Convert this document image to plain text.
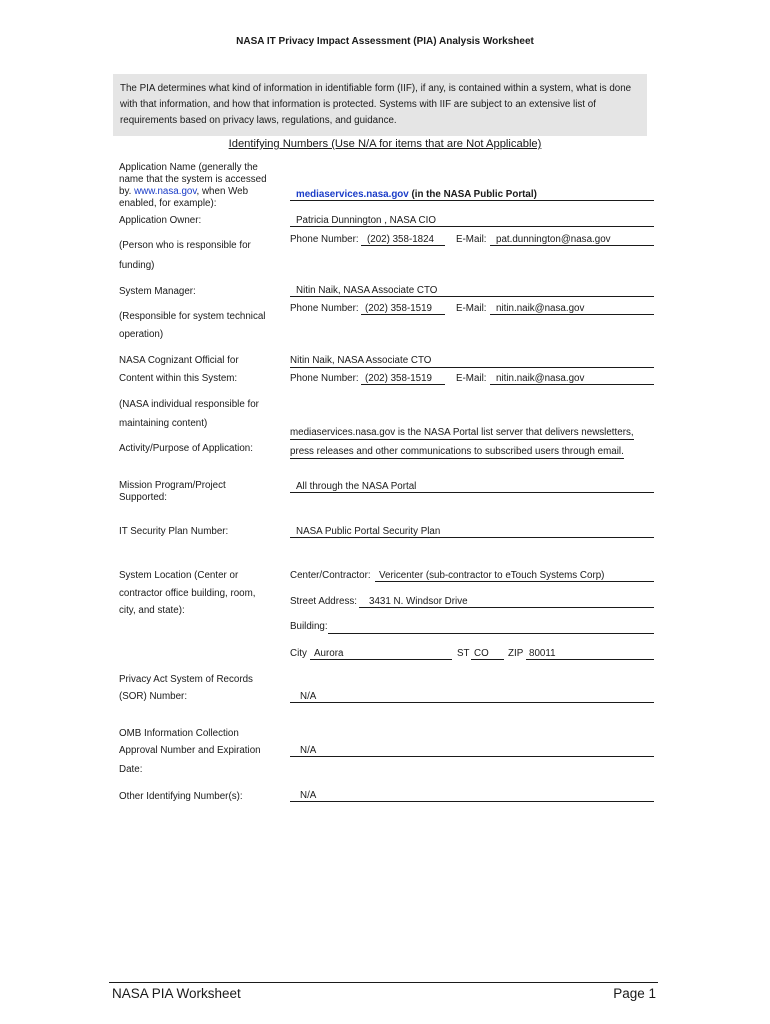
NASA IT Privacy Impact Assessment (PIA) Analysis Worksheet
The PIA determines what kind of information in identifiable form (IIF), if any, is contained within a system, what is done
with that information, and how that information is protected. Systems with IIF are subject to an extensive list of
requirements based on privacy laws, regulations, and guidance.
Identifying Numbers (Use N/A for items that are Not Applicable)
Application Name (generally the
name that the system is accessed
by. www.nasa.gov, when Web
enabled, for example):
mediaservices.nasa.gov (in the NASA Public Portal)
Application Owner:	Patricia Dunnington , NASA CIO
Phone Number: (202) 358-1824	E-Mail: pat.dunnington@nasa.gov
(Person who is responsible for
funding)
System Manager:	Nitin Naik, NASA Associate CTO
Phone Number: (202) 358-1519	E-Mail: nitin.naik@nasa.gov
(Responsible for system technical
operation)
NASA Cognizant Official for	Nitin Naik, NASA Associate CTO
Content within this System:	Phone Number: (202) 358-1519	E-Mail: nitin.naik@nasa.gov
(NASA individual responsible for
maintaining content)
mediaservices.nasa.gov is the NASA Portal list server that delivers newsletters,
Activity/Purpose of Application:	press releases and other communications to subscribed users through email.
Mission Program/Project
Supported:
All through the NASA Portal
IT Security Plan Number:	NASA Public Portal Security Plan
System Location (Center or
contractor office building, room,
city, and state):
Center/Contractor: Vericenter (sub-contractor to eTouch Systems Corp)
Street Address:	3431 N. Windsor Drive
Building:
City Aurora	ST CO	ZIP 80011
Privacy Act System of Records
(SOR) Number:	N/A
OMB Information Collection
Approval Number and Expiration
Date:
N/A
Other Identifying Number(s):	N/A
NASA PIA Worksheet	Page 1
